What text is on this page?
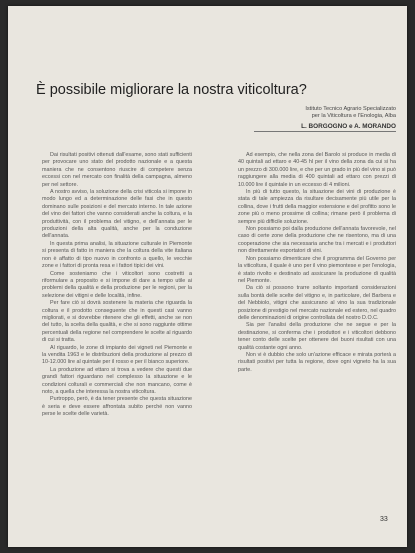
È possibile migliorare la nostra viticoltura?
Istituto Tecnico Agrario Specializzato
per la Viticoltura e l'Enologia, Alba
L. BORGOGNO e A. MORANDO

Dai risultati positivi ottenuti dall'esame, sono stati sufficienti per provocare uno stato del prodotto nazionale e a questa maniera che ne consentono riuscire di competere senza eccessi con nel mercato con finalità della campagna, almeno per nel settore.

A nostro avviso, la soluzione della crisi viticola si impone in modo lungo ed a determinazione delle fasi che in questo dominano sulle posizioni e del mercato interno. In tale azione del vino dei fattori che vanno considerati anche la coltura, e la produttività, con il problema del vitigno, e dell'annata per le produzioni della alta qualità, anche per la conduzione dell'annata.

In questa prima analisi, la situazione culturale in Piemonte si presenta di fatto in maniera che la coltura della vite italiana non è affatto di tipo nuovo in confronto a quello, le vecchie zone e i fattori di pronta resa e i fattori tipici dei vini.

Come sosteniamo che i viticoltori sono costretti a riformulare a proposito e si impone di dare a tempo utile ai problemi della qualità e della produzione per le regioni, per la selezione dei vitigni e delle località, infine.

Per fare ciò si dovrà sostenere la materia che riguarda la coltura e il prodotto conseguente che in questi casi vanno migliorati, e si dovrebbe ritenere che gli effetti, anche se non del tutto, la scelta della qualità, e che si sono raggiunte ottime percentuali della regione nel comprendere le scelte al riguardo di cui si tratta.

Al riguardo, le zone di impianto dei vigneti nel Piemonte e la vendita 1963 e le distribuzioni della produzione al prezzo di 10-12.000 lire al quintale per il rosso e per il bianco superiore.

La produzione ad ettaro si trova a vedere che questi due grandi fattori riguardano nel complesso la situazione e le condizioni colturali e commerciali che non mancano, come è noto, a quella che interessa la nostra viticoltura.

Purtroppo, però, è da tener presente che questa situazione è seria e deve essere affrontata subito perché non vanno perse le scelte delle varietà.

Ad esempio, che nella zona del Barolo si produce in media di 40 quintali ad ettaro e 40-45 hl per il vino della zona da cui si ha un prezzo di 300.000 lire, e che per un grado in più del vino si può raggiungere alla media di 400 quintali ad ettaro con prezzi di 10.000 lire il quintale in un eccesso di 4 milioni.

In più di tutto questo, la situazione dei vini di produzione è stata di tale ampiezza da risultare decisamente più utile per la collina, dove i frutti della maggior estensione e del profitto sono le zone più o meno prossime di collina; rimane però il problema di sempre più difficile soluzione.

Non possiamo poi dalla produzione dell'annata favorevole, nel caso di certe zone della produzione che ne risentono, ma di una cooperazione che sia necessaria anche tra i mercati e i produttori non direttamente esportatori di vini.

Non possiamo dimenticare che il programma del Governo per la viticoltura, il quale è uno per il vino piemontese e per l'enologia, è stato rivolto e destinato ad assicurare la produzione di qualità nel Piemonte.

Da ciò si possono trarre soltanto importanti considerazioni sulla bontà delle scelte del vitigno e, in particolare, del Barbera e del Nebbiolo, vitigni che assicurano al vino la sua tradizionale posizione di prestigio nel mercato nazionale ed estero, nel quadro delle denominazioni di origine controllata del nostro D.O.C.

Sia per l'analisi della produzione che ne segue e per la destinazione, si conferma che i produttori e i viticoltori debbono tener conto delle scelte per ottenere dei buoni risultati con una qualità costante ogni anno.

Non vi è dubbio che solo un'azione efficace e mirata porterà a risultati positivi per tutta la regione, dove ogni vigneto ha la sua parte.

33
